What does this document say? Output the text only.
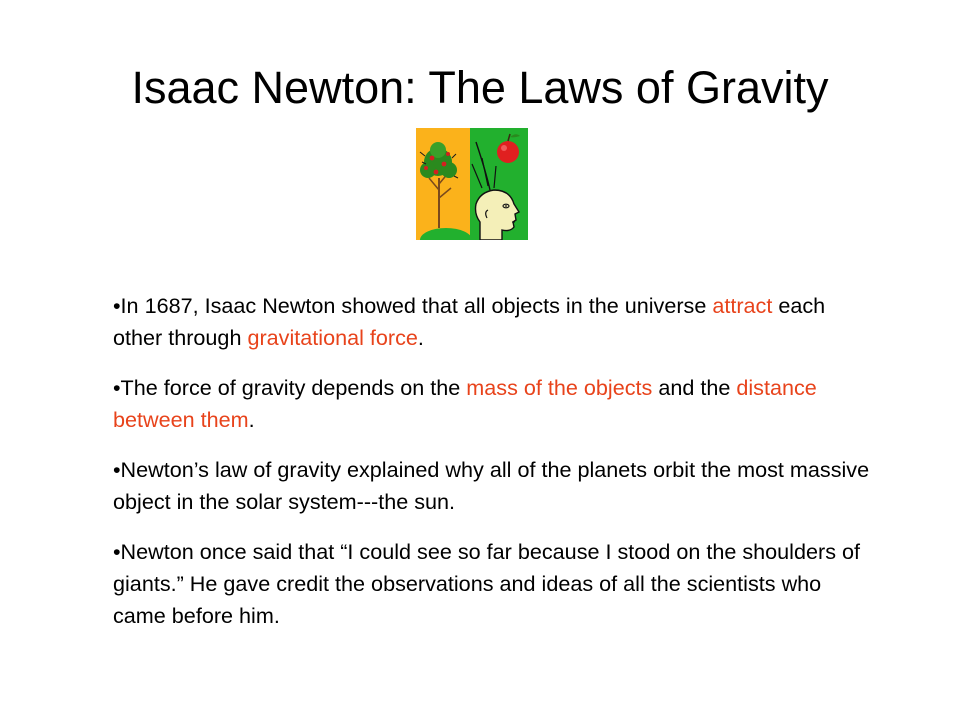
Isaac Newton: The Laws of Gravity
•In 1687, Isaac Newton showed that all objects in the universe attract each other through gravitational force.
•The force of gravity depends on the mass of the objects and the distance between them.
•Newton’s law of gravity explained why all of the planets orbit the most massive object in the solar system---the sun.
•Newton once said that “I could see so far because I stood on the shoulders of giants.” He gave credit the observations and ideas of all the scientists who came before him.
